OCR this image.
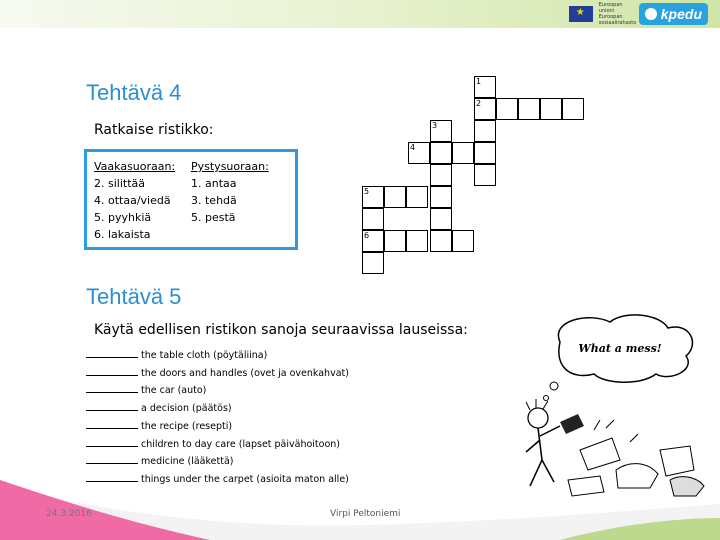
★
Euroopan unioni Euroopan sosiaalirahasto
kpedu
Tehtävä 4
Ratkaise ristikko:
Vaakasuoraan:
2. silittää
4. ottaa/viedä
5. pyyhkiä
6. lakaista
Pystysuoraan:
1. antaa
3. tehdä
5. pestä
1
2
3
4
5
6
Tehtävä 5
Käytä edellisen ristikon sanoja seuraavissa lauseissa:
the table cloth (pöytäliina)
the doors and handles (ovet ja ovenkahvat)
the car (auto)
a decision (päätös)
the recipe (resepti)
children to day care (lapset päivähoitoon)
medicine (lääkettä)
things under the carpet (asioita maton alle)
What a mess!
24.3.2016	Virpi Peltoniemi
